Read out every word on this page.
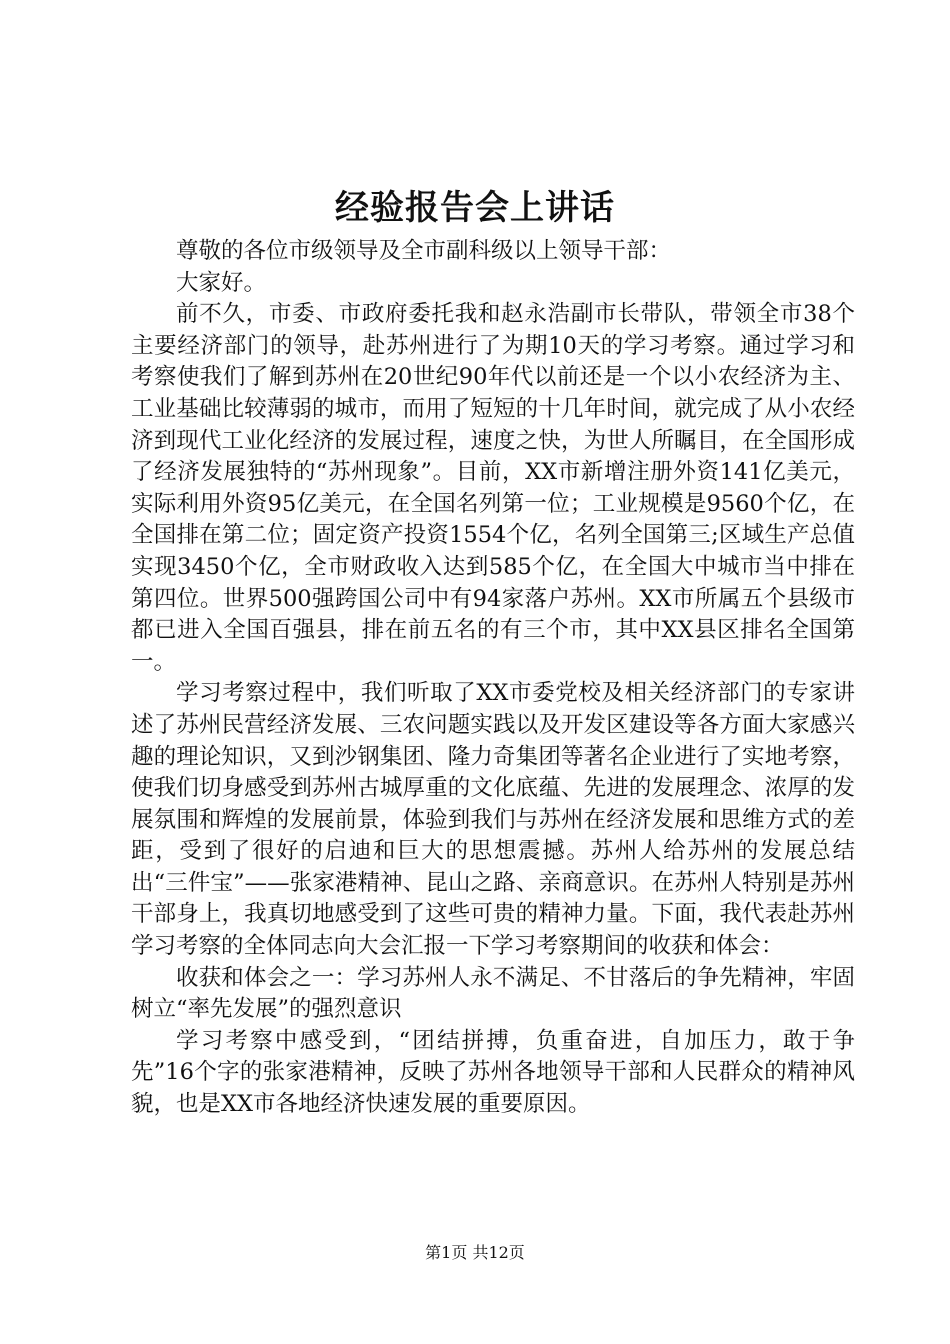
经验报告会上讲话

尊敬的各位市级领导及全市副科级以上领导干部：

大家好。

前不久，市委、市政府委托我和赵永浩副市长带队，带领全市38个主要经济部门的领导，赴苏州进行了为期10天的学习考察。通过学习和考察使我们了解到苏州在20世纪90年代以前还是一个以小农经济为主、工业基础比较薄弱的城市，而用了短短的十几年时间，就完成了从小农经济到现代工业化经济的发展过程，速度之快，为世人所瞩目，在全国形成了经济发展独特的“苏州现象”。目前，XX市新增注册外资141亿美元，实际利用外资95亿美元，在全国名列第一位；工业规模是9560个亿，在全国排在第二位；固定资产投资1554个亿，名列全国第三;区域生产总值实现3450个亿，全市财政收入达到585个亿，在全国大中城市当中排在第四位。世界500强跨国公司中有94家落户苏州。XX市所属五个县级市都已进入全国百强县，排在前五名的有三个市，其中XX县区排名全国第一。

学习考察过程中，我们听取了XX市委党校及相关经济部门的专家讲述了苏州民营经济发展、三农问题实践以及开发区建设等各方面大家感兴趣的理论知识，又到沙钢集团、隆力奇集团等著名企业进行了实地考察，使我们切身感受到苏州古城厚重的文化底蕴、先进的发展理念、浓厚的发展氛围和辉煌的发展前景，体验到我们与苏州在经济发展和思维方式的差距，受到了很好的启迪和巨大的思想震撼。苏州人给苏州的发展总结出“三件宝”——张家港精神、昆山之路、亲商意识。在苏州人特别是苏州干部身上，我真切地感受到了这些可贵的精神力量。下面，我代表赴苏州学习考察的全体同志向大会汇报一下学习考察期间的收获和体会：

收获和体会之一：学习苏州人永不满足、不甘落后的争先精神，牢固树立“率先发展”的强烈意识

学习考察中感受到，“团结拼搏，负重奋进，自加压力，敢于争先”16个字的张家港精神，反映了苏州各地领导干部和人民群众的精神风貌，也是XX市各地经济快速发展的重要原因。

第1页 共12页
